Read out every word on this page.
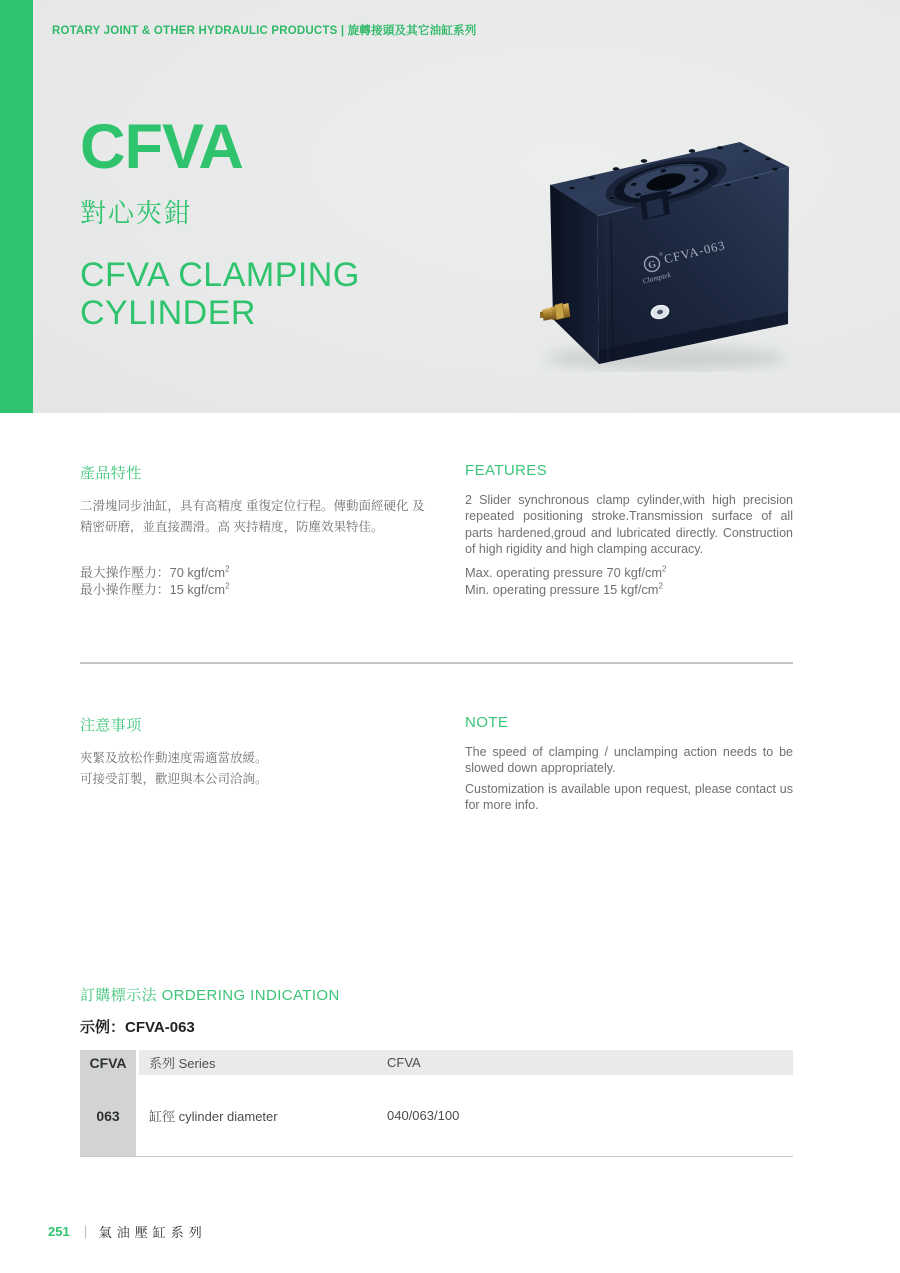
ROTARY JOINT & OTHER HYDRAULIC PRODUCTS | 旋轉接頭及其它油缸系列
CFVA
對心夾鉗
CFVA CLAMPING
CYLINDER
G
Clamptek
®
CFVA-063
產品特性
二滑塊同步油缸，具有高精度 重復定位行程。傳動面經硬化 及
精密研磨，並直接潤滑。高 夾持精度，防塵效果特佳。
最大操作壓力：70 kgf/$cm^2$
最小操作壓力：15 kgf/$cm^2$
FEATURES
2 Slider synchronous clamp cylinder,with high precision repeated positioning stroke.Transmission surface of all parts hardened,groud and lubricated directly. Construction of high rigidity and high clamping accuracy.
Max. operating pressure 70 kgf/$cm^2$
Min. operating pressure 15 kgf/$cm^2$
注意事项
夾緊及放松作動速度需適當放緩。
可接受訂製，歡迎與本公司洽詢。
NOTE

The speed of clamping / unclamping action needs to be slowed down appropriately.

Customization is available upon request, please contact us for more info.

訂購標示法 ORDERING INDICATION
示例：CFVA-063
CFVA	系列 Series	CFVA
063	缸徑 cylinder diameter	040/063/100
251 ｜ 氣油壓缸系列
